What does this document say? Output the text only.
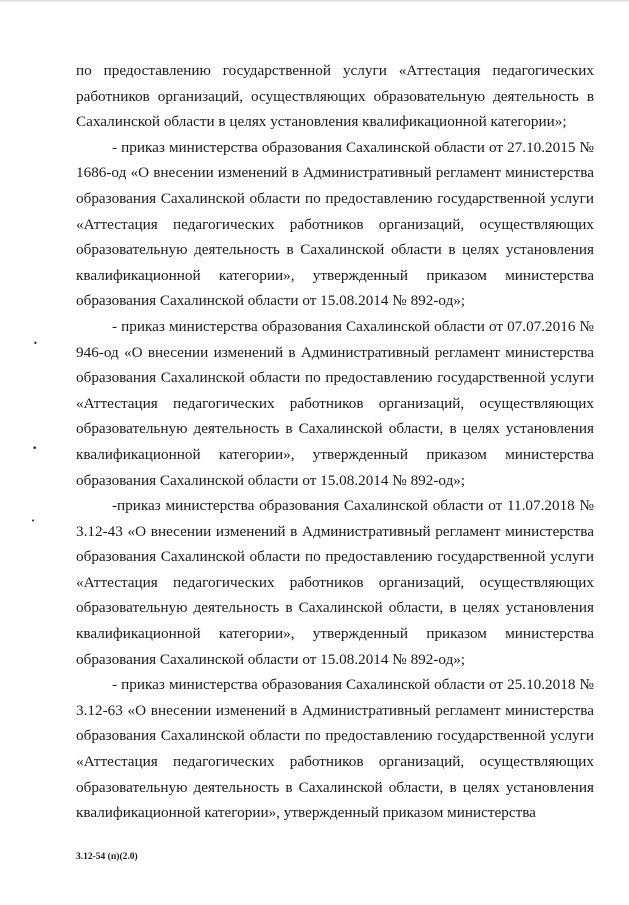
•
•
•

по предоставлению государственной услуги «Аттестация педагогических работников организаций, осуществляющих образовательную деятельность в Сахалинской области в целях установления квалификационной категории»;

- приказ министерства образования Сахалинской области от 27.10.2015 № 1686-од «О внесении изменений в Административный регламент министерства образования Сахалинской области по предоставлению государственной услуги «Аттестация педагогических работников организаций, осуществляющих образовательную деятельность в Сахалинской области в целях установления квалификационной категории», утвержденный приказом министерства образования Сахалинской области от 15.08.2014 № 892-од»;

- приказ министерства образования Сахалинской области от 07.07.2016 № 946-од «О внесении изменений в Административный регламент министерства образования Сахалинской области по предоставлению государственной услуги «Аттестация педагогических работников организаций, осуществляющих образовательную деятельность в Сахалинской области, в целях установления квалификационной категории», утвержденный приказом министерства образования Сахалинской области от 15.08.2014 № 892-од»;

-приказ министерства образования Сахалинской области от 11.07.2018 № 3.12-43 «О внесении изменений в Административный регламент министерства образования Сахалинской области по предоставлению государственной услуги «Аттестация педагогических работников организаций, осуществляющих образовательную деятельность в Сахалинской области, в целях установления квалификационной категории», утвержденный приказом министерства образования Сахалинской области от 15.08.2014 № 892-од»;

- приказ министерства образования Сахалинской области от 25.10.2018 № 3.12-63 «О внесении изменений в Административный регламент министерства образования Сахалинской области по предоставлению государственной услуги «Аттестация педагогических работников организаций, осуществляющих образовательную деятельность в Сахалинской области, в целях установления квалификационной категории», утвержденный приказом министерства

3.12-54 (п)(2.0)
